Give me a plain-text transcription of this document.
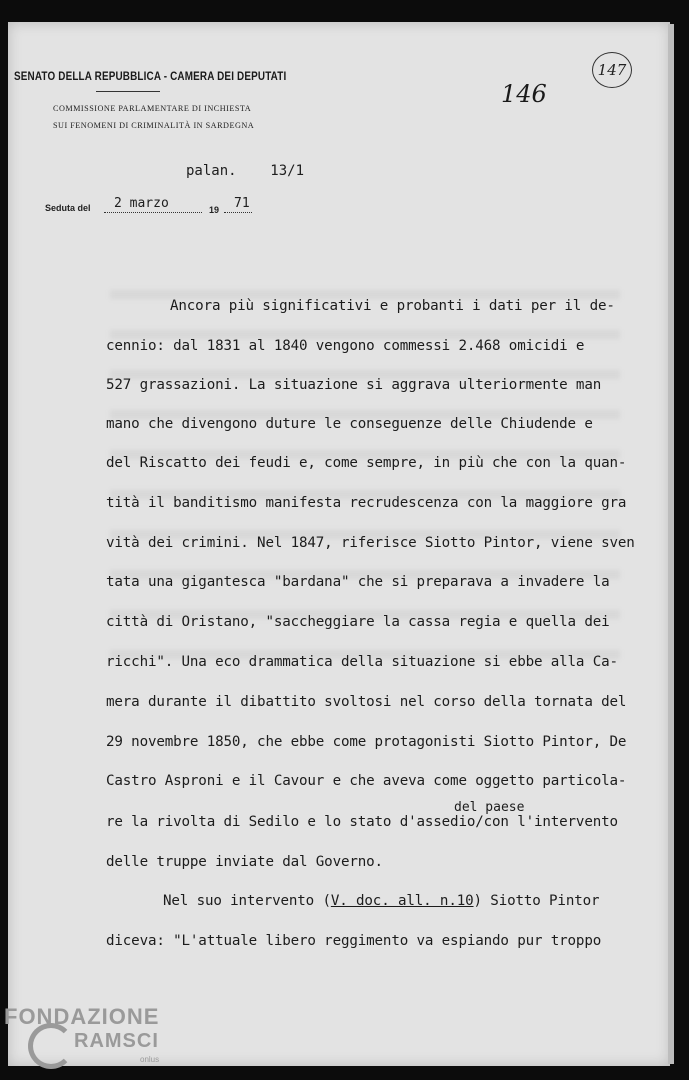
SENATO DELLA REPUBBLICA - CAMERA DEI DEPUTATI
COMMISSIONE PARLAMENTARE DI INCHIESTA
SUI FENOMENI DI CRIMINALITÀ IN SARDEGNA
146
147
palan. 13/1
Seduta del 2 marzo	19 71
Ancora più significativi e probanti i dati per il de-
cennio: dal 1831 al 1840 vengono commessi 2.468 omicidi e
527 grassazioni. La situazione si aggrava ulteriormente man
mano che divengono duture le conseguenze delle Chiudende e
del Riscatto dei feudi e, come sempre, in più che con la quan-
tità il banditismo manifesta recrudescenza con la maggiore gra
vità dei crimini. Nel 1847, riferisce Siotto Pintor, viene sven
tata una gigantesca "bardana" che si preparava a invadere la
città di Oristano, "saccheggiare la cassa regia e quella dei
ricchi". Una eco drammatica della situazione si ebbe alla Ca-
mera durante il dibattito svoltosi nel corso della tornata del
29 novembre 1850, che ebbe come protagonisti Siotto Pintor, De
Castro Asproni e il Cavour e che aveva come oggetto particola-
del paese
re la rivolta di Sedilo e lo stato d'assedio/con l'intervento
delle truppe inviate dal Governo.
Nel suo intervento (V. doc. all. n.10) Siotto Pintor
diceva: "L'attuale libero reggimento va espiando pur troppo
FONDAZIONE
RAMSCI
onlus
